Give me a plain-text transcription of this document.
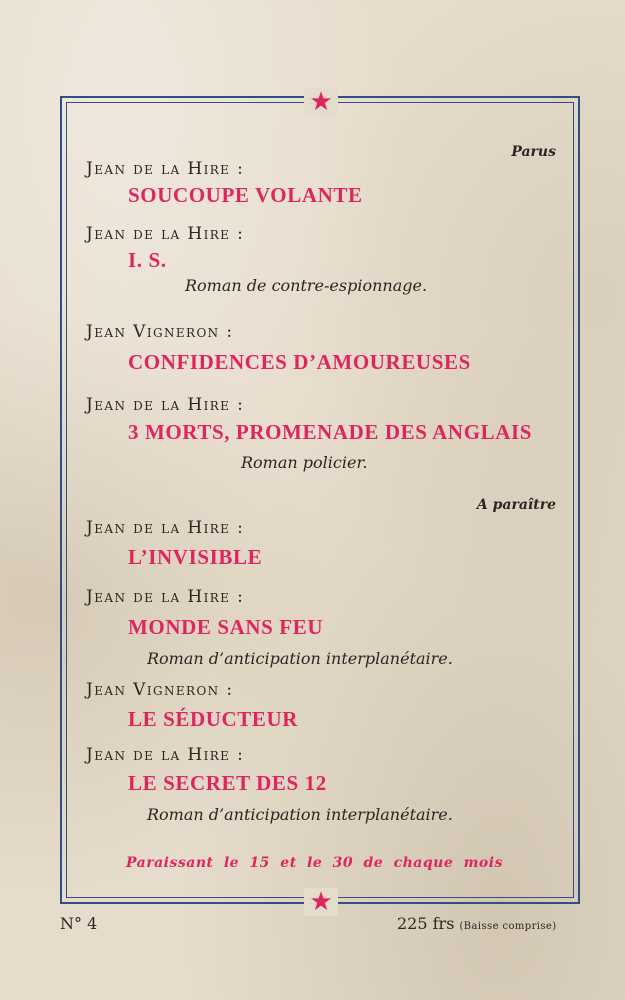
★
★
Parus
Jean de la Hire :
SOUCOUPE VOLANTE
Jean de la Hire :
I. S.
Roman de contre-espionnage.
Jean Vigneron :
CONFIDENCES D’AMOUREUSES
Jean de la Hire :
3 MORTS, PROMENADE DES ANGLAIS
Roman policier.
A paraître
Jean de la Hire :
L’INVISIBLE
Jean de la Hire :
MONDE SANS FEU
Roman d’anticipation interplanétaire.
Jean Vigneron :
LE SÉDUCTEUR
Jean de la Hire :
LE SECRET DES 12
Roman d’anticipation interplanétaire.
Paraissant le 15 et le 30 de chaque mois
N° 4	225 frs (Baisse comprise)
